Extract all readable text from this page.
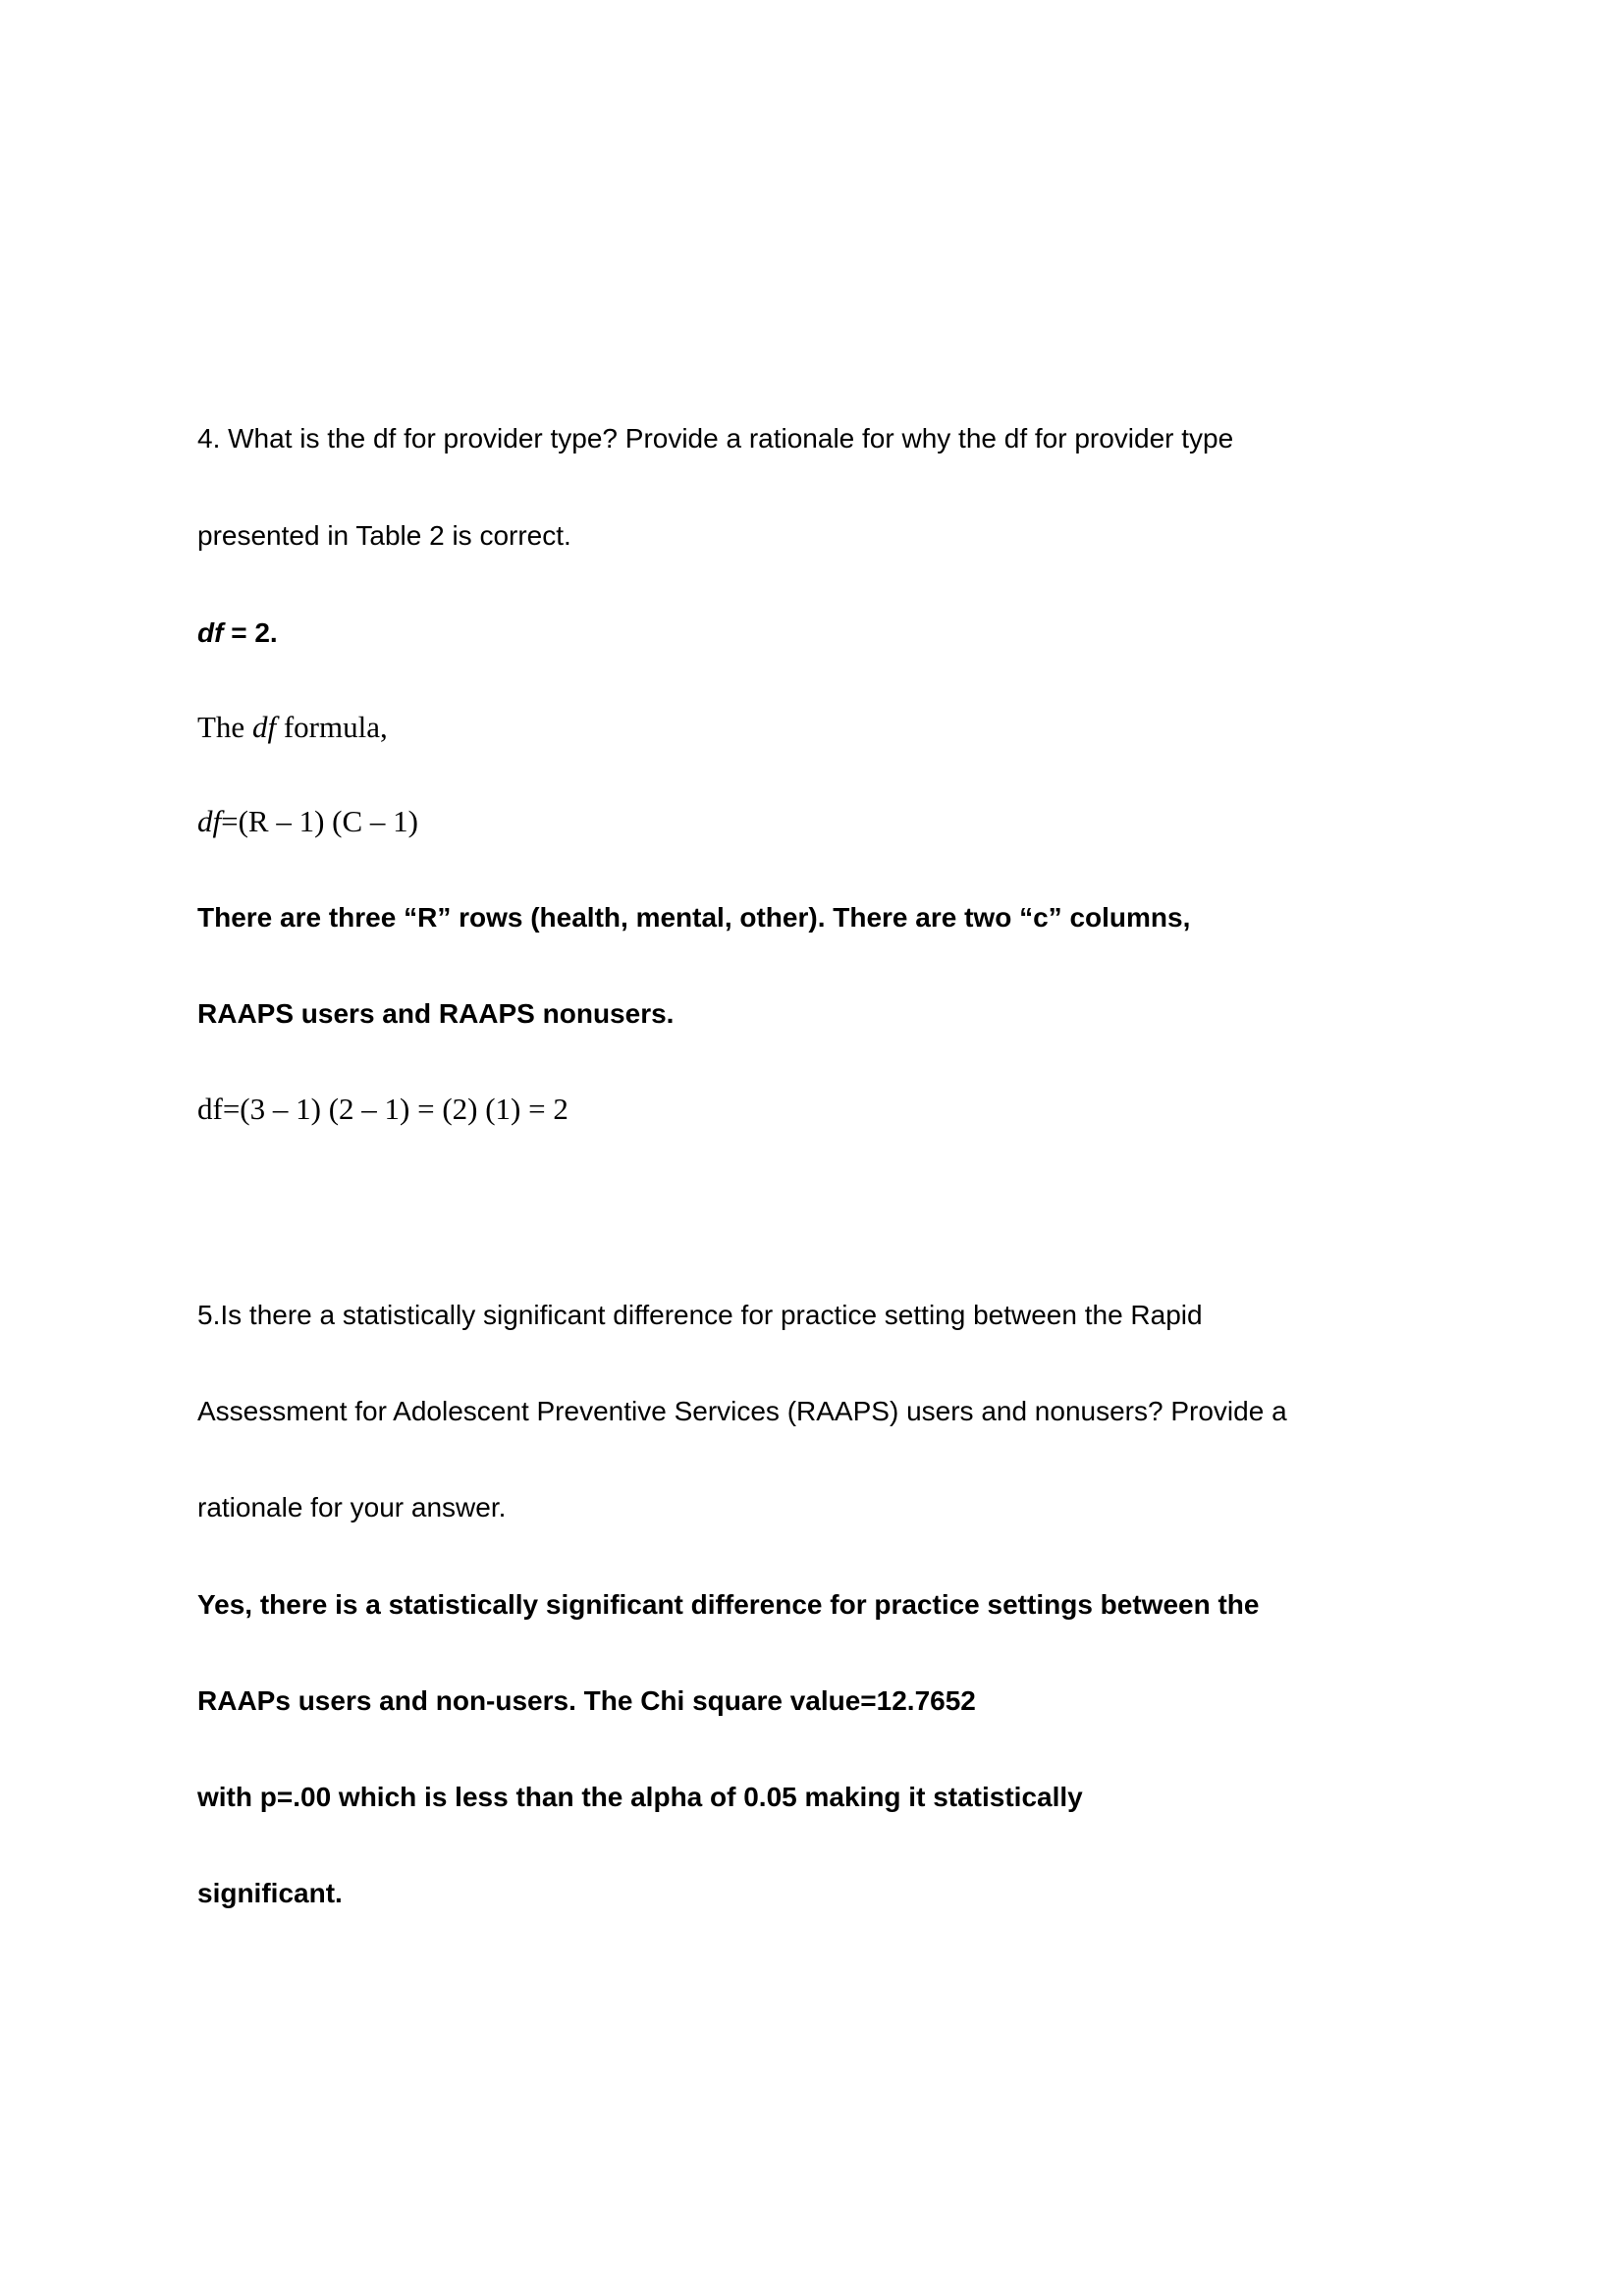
4. What is the df for provider type? Provide a rationale for why the df for provider type
presented in Table 2 is correct.
df = 2.
The df formula,
df=(R – 1) (C – 1)
There are three “R” rows (health, mental, other). There are two “c” columns,
RAAPS users and RAAPS nonusers.
df=(3 – 1) (2 – 1) = (2) (1) = 2
5.Is there a statistically significant difference for practice setting between the Rapid
Assessment for Adolescent Preventive Services (RAAPS) users and nonusers? Provide a
rationale for your answer.
Yes, there is a statistically significant difference for practice settings between the
RAAPs users and non-users. The Chi square value=12.7652
with p=.00 which is less than the alpha of 0.05 making it statistically
significant.
